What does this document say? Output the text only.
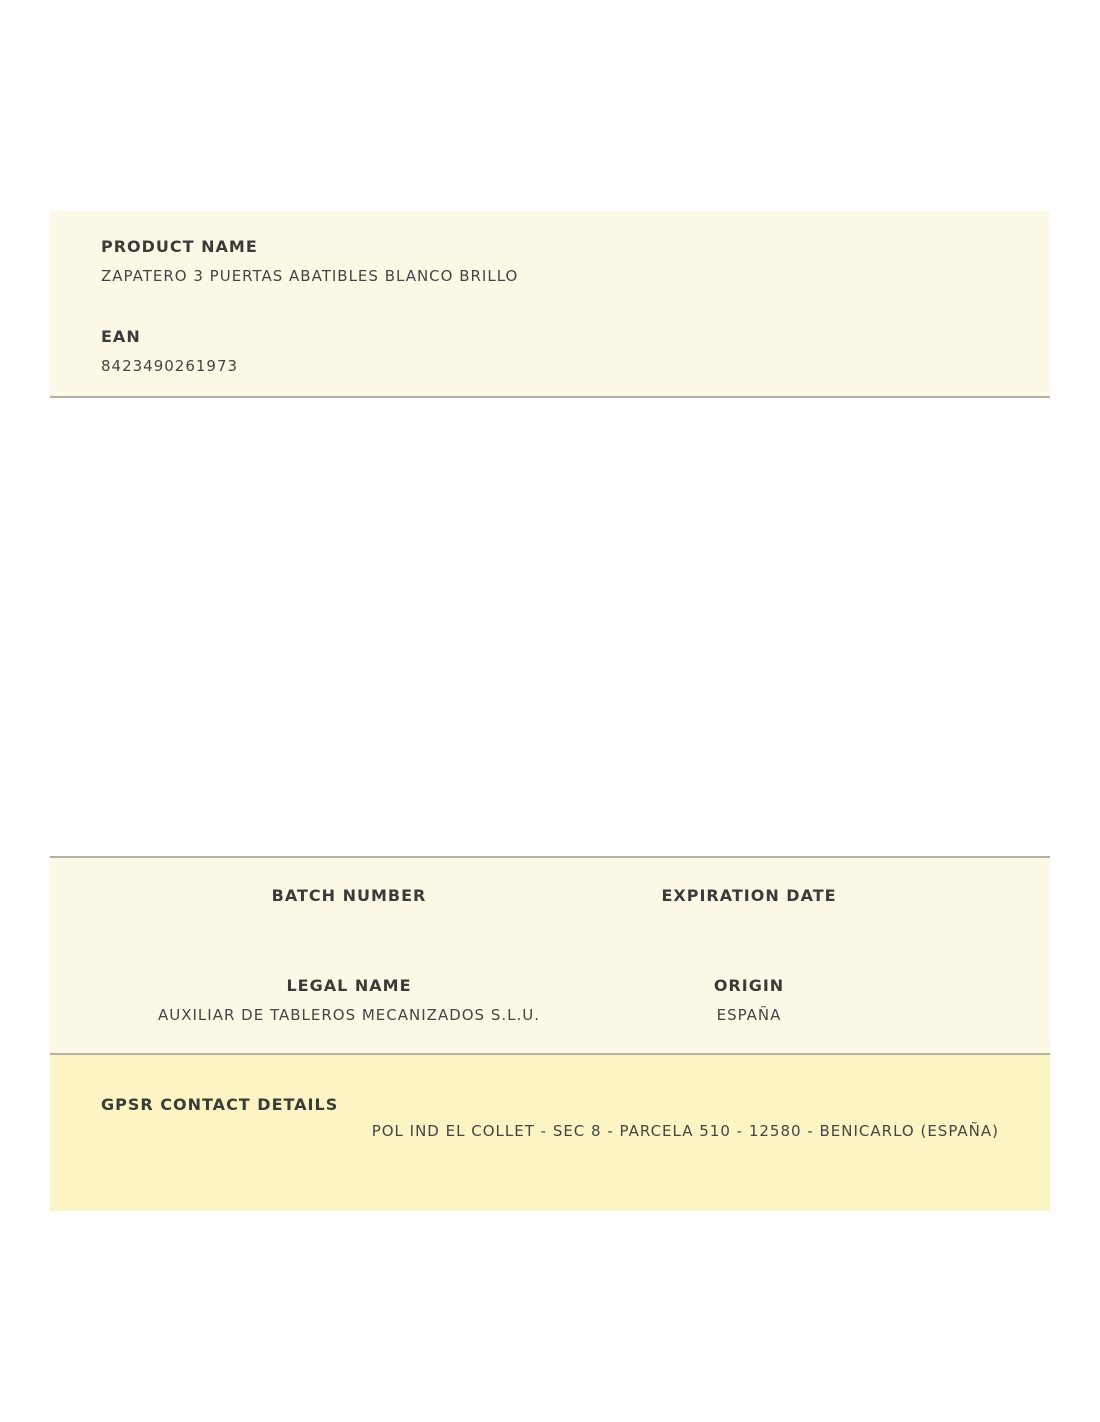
PRODUCT NAME
ZAPATERO 3 PUERTAS ABATIBLES BLANCO BRILLO
EAN
8423490261973
BATCH NUMBER	EXPIRATION DATE
LEGAL NAME
AUXILIAR DE TABLEROS MECANIZADOS S.L.U.
ORIGIN
ESPAÑA
GPSR CONTACT DETAILS
POL IND EL COLLET - SEC 8 - PARCELA 510 - 12580 - BENICARLO (ESPAÑA)
